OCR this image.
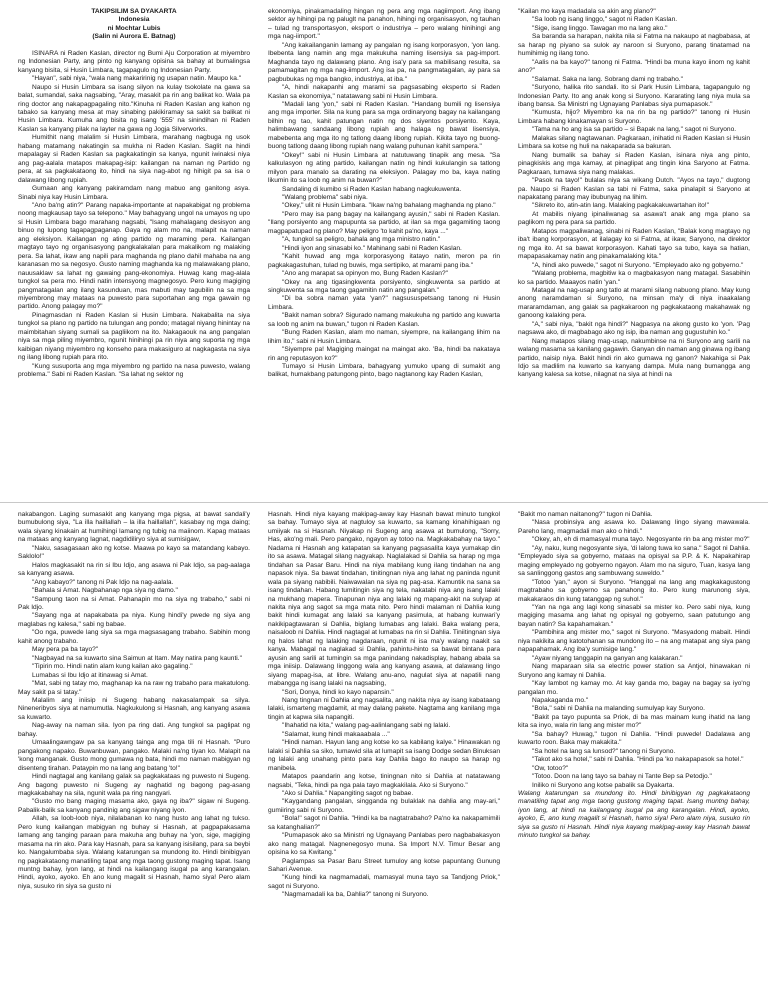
TAKIPSILIM SA DYAKARTA

Indonesia

ni Mochtar Lubis

(Salin ni Aurora E. Batnag)

ISINARA ni Raden Kaslan, director ng Bumi Aju Corporation at miyembro ng Indonesian Party, ang pinto ng kanyang opisina sa bahay at bumalingsa kanyang bisita, si Husin Limbara, tagapagulo ng Indonesian Party.

"Hayan", sabi niya, "wala nang makaririnig ng usapan natin. Maupo ka."

Naupo si Husin Limbara sa isang silyon na kulay tsokolate na gawa sa balat, sumandal, saka nagsabing, "Aray, masakit pa rin ang balikat ko. Wala pa ring doctor ang nakapagpagaling nito."Kinuha ni Raden Kaslan ang kahon ng tabako sa kanyang mesa at may sinabing pakikiramay sa sakit sa balikat ni Husin Limbara. Kumuha ang bisita ng isang '555' na sinindihan ni Raden Kaslan sa kanyang pilak na layter na gawa ng Jogja Silverworks.

Humithit nang malalim si Husin Limbara, marahang nagbuga ng usok habang matamang nakatingin sa mukha ni Raden Kaslan. Saglit na hindi mapalagay si Raden Kaslan sa pagkakatingin sa kanya, ngunit iwinaksi niya ang pag-aalala matapos makapag-isip: kailangan na naman ng Partido ng pera, at sa pagkakataong ito, hindi na siya nag-abot ng hihigit pa sa isa o dalawang libong rupiah.

Gumaan ang kanyang pakiramdam nang mabuo ang ganitong asya. Sinabi niya kay Husin Limbara.

"Ano ba'ng atin?" Parang napaka-importante at napakabigat ng problema noong magkausap tayo sa telepono." May bahagyang ungol na umayos ng upo si Husin Limbara bago marahang nagsabi, "Isang mahalagang desisyon ang binuo ng lupong tagapagpaganap. Gaya ng alam mo na, malapit na naman ang eleksiyon. Kailangan ng ating partido ng maraming pera. Kailangan magtayo tayo ng organisasyong pangkalakalan para makalikom ng malaking pera. Sa lahat, ikaw ang napili para maghanda ng plano dahil mahaba na ang karanasan mo sa negosyo. Gusto naming maghanda ka ng malawakang plano, nauusaklaw sa lahat ng gawaing pang-ekonomiya. Huwag kang mag-alala tungkol sa pera mo. Hindi natin intensyong magnegosyo. Pero kung magiging pangmatagalan ang ilang kasunduan, mas mabuti may tagubilin na sa mga miyembrong may mataas na puwesto para suportahan ang mga gawain ng partido. Anong palagay mo?"

Pinagmasdan ni Raden Kaslan si Husin Limbara. Nakabalita na siya tungkol sa plano ng partido na tulungan ang pondo; matagal niyang hinintay na maimbitahan siyang sumali sa pagliikom na ito. Nakagaouk na ang pangalan niya sa mga piling miyembro, ngunit hinihingi pa rin niya ang suporta ng mga kaibigan niyang miyembro ng konseho para makasiguro at nagkagasta na siya ng ilang libong rupiah para rito.

"Kung susuporta ang mga miyembro ng partido na nasa puwesto, walang problema." Sabi ni Raden Kaslan. "Sa lahat ng sektor ng

ekonomiya, pinakamadaling hingan ng pera ang mga nagiimport. Ang ibang sektor ay hihingi pa ng paluglt na panahon, hihingi ng organisasyon, ng tauhan – tulad ng transportasyon, eksport o industriya – pero walang hinihingi ang mga nag-iimport."

"Ang kakailanganin lamang ay pangalan ng isang korporasyon, 'yon lang. Ibebenta lang namin ang mga makukuha naming lisensiya sa pag-import. Maghanda tayo ng dalawang plano. Ang isa'y para sa mabilisang resulta, sa pamamagitan ng mga nag-iimport. Ang isa pa, na pangmatagalan, ay para sa pagbubukas ng mga bangko, industriya, at iba."

"A, hindi nakapanhi ang marami sa pagsasabing eksperto si Raden Kaslan sa ekonomiya," natatawang sabi ni Husin Limbara.

"Madali lang 'yon," sabi ni Raden Kaslan. "Handang bumili ng lisensiya ang mga importer. Sila na kung para sa mga ordinaryong bagay na kailangang bilhin ng tao, kahit patungan natin ng dos siyentos porsiyento. Kaya, halimbawang sandaang libong rupiah ang halaga ng bawat lisensiya, mabebenta ang mga ito ng tatlong daang libong rupiah. Kikita tayo ng buong-buong tatlong daang libong rupiah nang walang puhunan kahit sampera."

"Okey!" sabi ni Husin Limbara at natutuwang tinapik ang mesa. "Sa kalkulasyon ng ating partido, kailangan natin ng hindi kukulangin sa tatlong milyon para manalo sa darating na eleksiyon. Palagay mo ba, kaya nating likumin ito sa loob ng anim na buwan?"

Sandaling di kumibo si Raden Kaslan habang nagkukuwenta.

"Walang problema" sabi niya.

"Okey," ulit ni Husin Limbara. "Ikaw na'ng bahalang maghanda ng plano."

"Pero may isa pang bagay na kailangang ayusin," sabi ni Raden Kaslan. "Ilang porsiyento ang mapupunta sa partido, at ilan sa mga gagamiting taong magpapatupad ng plano? May peligro 'to kahit pa'no, kaya ..."

"A, tungkol sa peligro, bahala ang mga ministro natin."

"Hindi iyon ang sinasabi ko." Mahinang sabi ni Raden Kaslan.

"Kahit huwad ang mga korporasyong itatayo natin, meron pa rin pagkakagastuhan, tulad ng buwis, mga sertipiko, at marami pang iba."

"Ano ang marapat sa opinyon mo, Bung Raden Kaslan?"

"Okey na ang tigasingkwenta porsiyento, singkuwenta sa partido at singkuwenta sa mga taong gagamitin natin ang pangalan."

"Di ba sobra naman yata 'yan?" nagsususpetsang tanong ni Husin Limbara.

"Bakit naman sobra? Sigurado namang makukuha ng partido ang kuwarta sa loob ng anim na buwan," tugon ni Raden Kaslan.

"Bung Raden Kaslan, alam mo naman, siyempre, na kailangang lihim na lihim ito," sabi ni Husin Limbara.

"Siyempre pa! Magiging maingat na maingat ako. 'Ba, hindi ba nakataya rin ang reputasyon ko?"

Tumayo si Husin Limbara, bahagyang yumuko upang di sumakit ang balikat, humakbang patungong pinto, bago nagtanong kay Raden Kaslan,

"Kailan mo kaya madadala sa akin ang plano?"

"Sa loob ng isang linggo," sagot ni Raden Kaslan.

"Sige, isang linggo. Tawagan mo na lang ako."

Sa baranda sa harapan, nakita nila si Fatma na nakaupo at nagbabasa, at sa harap ng piyano sa sulok ay naroon si Suryono, parang tinatamad na humihimig ng ilang tono.

"Aalis na ba kayo?" tanong ni Fatma. "Hindi ba muna kayo iinom ng kahit ano?"

"Salamat. Saka na lang. Sobrang dami ng trabaho."

"Suryono, halika rito sandali. Ito si Park Husin Limbara, tagapangulo ng Indonesian Party. Ito ang anak kong si Suryono. Kararating lang niya mula sa ibang bansa. Sa Ministri ng Ugnayang Panlabas siya pumapasok."

"Kumusta, hijo? Miyembro ka na rin ba ng partido?" tanong ni Husin Limbara habang kinakamayan si Suryono.

"Tama na ho ang isa sa partido – si Bapak na lang," sagot ni Suryono.

Malakas silang nagtawanan. Pagkaraan, inihatid ni Raden Kaslan si Husin Limbara sa kotse ng huli na nakaparada sa bakuran.

Nang bumalik sa bahay si Raden Kaslan, isinara niya ang pinto, pinagkiskis ang mga kamay, at pinaglipat ang tingin kina Saryono at Fatma. Pagkaraan, tumawa siya nang malakas.

"Pasok na tayo!" bulalas niya sa wikang Dutch. "Ayos na tayo," dugtong pa. Naupo si Raden Kaslan sa tabi ni Fatma, saka pinalapit si Saryono at napakatang parang may ibubunyag na lihim.

"Sikreto ito, atin-atin lang. Malaking pagkakakuwartahan ito!"

At mabilis niyang ipinaliwanag sa asawa't anak ang mga plano sa paglikom ng pera para sa partido.

Matapos magpaliwanag, sinabi ni Raden Kaslan, "Balak kong magtayo ng iba't ibang korporasyon, at ilalagay ko si Fatma, at ikaw, Saryono, na direktor ng mga ito. At sa bawat korporasyon. Kahati tayo sa tubo, kaya sa hatian, mapapasakamay natin ang pinakamalaking kita."

"A, hindi ako puwede," sagot ni Suryono. "Empleyado ako ng gobyerno."

"Walang problema, magbitiw ka o magbakasyon nang matagal. Sasabihin ko sa partido. Maaayos natin 'yan."

Matagal na nag-usap ang tatlo at marami silang nabuong plano. May kung anong naramdaman si Suryono, na minsan ma'y di niya inaakalang mararamdaman, ang galak sa pagkakaroon ng pagkakataong makahawak ng ganoong kalaking pera.

"A," sabi niya, "bakit nga hindi?" Nagpasya na akong gusto ko 'yon. 'Pag nagsawa ako, di magbabago ako ng isip, iba naman ang gugustuhin ko."

Nang matapos silang mag-usap, nakumbinse na ni Suryono ang sarili na walang masama sa kanilang gagawin. Ganyan din naman ang ginawa ng ibang partido, naisip niya. Bakit hindi rin ako gumawa ng ganon? Nakahiga si Pak Idjo sa madilim na kuwarto sa kanyang dampa. Mula nang bumangga ang kanyang kalesa sa kotse, nilagnat na siya at hindi na

nakabangon. Laging sumasakit ang kanyang mga pigsa, at bawat sandali'y bumubulong siya, "La illa haillallah – la illa haillallah", kasabay ng mga daing; wala siyang kinakain at humihingi lamang ng tubig na maiinom. Kapag mataas na mataas ang kanyang lagnat, nagdidiliryo siya at sumisigaw,

"Naku, sasagasaan ako ng kotse. Maawa po kayo sa matandang kabayo. Saklolo!"

Halos magkasakit na rin si Ibu Idjo, ang asawa ni Pak Idjo, sa pag-aalaga sa kanyang asawa.

"Ang kabayo?" tanong ni Pak Idjo na nag-aalala.

"Bahala si Amat. Nagbahanap nga siya ng damo."

"Sampung taon na si Amat. Pahanapin mo na siya ng trabaho," sabi ni Pak Idjo.

"Sayang nga at napakabata pa niya. Kung hindi'y pwede ng siya ang maglabas ng kalesa," sabi ng babae.

"Oo nga, puwede lang siya sa mga magsasagang trabaho. Sabihin mong kahit anong trabaho.

May pera pa ba tayo?"

"Nagbayad na sa kuwarto sina Saimun at Itam. May natira pang kaunti."

"Tipirin mo. Hindi natin alam kung kailan ako gagaling."

Lumabas si Ibu Idjo at itinawag si Amat.

"Mat, sabi ng tatay mo, maghanap ka na raw ng trabaho para makatulong. May sakit pa si tatay."

Malalim ang iniisip ni Sugeng habang nakasalampak sa silya. Nineneribyos siya at namumutla. Nagkukulong si Hasnah, ang kanyang asawa sa kuwarto.

Nag-away na naman sila. Iyon pa ring dati. Ang tungkol sa paglipat ng bahay.

Umaalingawngaw pa sa kanyang tainga ang mga tili ni Hasnah. "Puro pangakong napako. Buwanbuwan, pangako. Malaki na'ng tiyan ko. Malapit na 'kong manganak. Gusto mong gumawa ng bata, hindi mo naman mabigyan ng disenteng tirahan. Pataypin mo na lang ang batang 'to!"

Hindi nagtagal ang kanilang galak sa pagkakataas ng puwesto ni Sugeng. Ang bagong puwesto ni Sugeng ay naghatid ng bagong pag-asang magkakabahay na sila, ngunit wala pa ring nangyari.

"Gusto mo bang maging masama ako, gaya ng iba?" sigaw ni Sugeng. Pabalik-balik sa kanyang pandinig ang sigaw niyang iyon.

Allah, sa loob-loob niya, nilalabanan ko nang husto ang lahat ng tukso. Pero kung kailangan mabigyan ng buhay si Hasnah, at pagpapakasama lamang ang tanging paraan para makuha ang buhay na 'yon, sige, magiging masama na rin ako. Para kay Hasnah, para sa kanyang isisilang, para sa beybi ko. Nangalumbaba siya. Walang katarungan sa mundong ito. Hindi binibigyan ng pagkakataong manatiling tapat ang mga taong gustong maging tapat. Isang muntng bahay, iyon lang, at hindi na kailangang isugal pa ang karangalan. Hindi, ayoko, ayoko. Eh ano kung magalit si Hasnah, hamo siya! Pero alam niya, susuko rin siya sa gusto ni

Hasnah. Hindi niya kayang makipag-away kay Hasnah bawat minuto tungkol sa bahay. Tumayo siya at nagtuloy sa kuwarto, sa kamang kinahihigaan ng umiiyak na si Hasnah. Niyakap ni Sugeng ang asawa at bumulong, "Sorry, Has, ako'ng mali. Pero pangako, ngayon ay totoo na. Magkakabahay na tayo." Nadama ni Hasnah ang katapatan sa kanyang pagsasalita kaya yumakap din ito sa asawa. Matagal silang nagyakap. Naglalakad si Dahlia sa harap ng mga tindahan sa Pasar Baru. Hindi na niya mabilang kung ilang tindahan na ang napasok niya. Sa bawat tindahan, tinitingnan niya ang lahat ng paninda ngunit wala pa siyang nabibili. Naiwawalan na siya ng pag-asa. Kamuntik na sana sa isang tindahan. Habang tumitingin siya ng tela, nakatabi niya ang isang lalaki na mukhang mapera. Tinapunan niya ang lalaki ng mapang-akit na sulyap at nakita niya ang sagot sa mga mata nito. Pero hindi malaman ni Dahlia kung bakit hindi kumagat ang lalaki sa kanyang pasimula, at habang kunwari'y nakikipagtawaran si Dahlia, biglang lumabas ang lalaki. Baka walang pera, naisaloob ni Dahlia. Hindi nagtagal at lumabas na rin si Dahlia. Tiniitingnan siya ng halos lahat ng lalaking nagdaraan, ngunit ni isa ma'y walang naakit sa kanya. Mabagal na naglakad si Dahlia, pahintu-hinto sa bawat bintana para ayusin ang sarili at tumingin sa mga panindang nakadisplay, habang abala sa mga iniisip. Dalawang linggong wala ang kanyang asawa, at dalawang lingo siyang mapag-isa, at libre. Walang anu-ano, nagulat siya at napatili nang mabangga ng isang lalaki na nagsabing,

"Sori, Donya, hindi ko kayo napansin."

Nang tingnan ni Dahlia ang nagsalita, ang nakita niya ay isang kabataang lalaki, ismarteng magdamit, at may dalang pakete. Nagtama ang kanilang mga tingin at kapwa sila napangiti.

"Ihahatid na kita," walang pag-aalinlangang sabi ng lalaki.

"Salamat, kung hindi makaaabala ..."

"Hindi naman. Hayun lang ang kotse ko sa kabilang kalye." Hinawakan ng lalaki si Dahlia sa siko, tumawid sila at lumapit sa isang Dodge sedan Binuksan ng lalaki ang unahang pinto para kay Dahlia bago ito naupo sa harap ng manibela.

Matapos paandarin ang kotse, tiningnan nito si Dahlia at natatawang nagsabi, "Teka, hindi pa nga pala tayo magkakilala. Ako si Suryono."

"Ako si Dahlia." Napangiting sagot ng babae.

"Kaygandang pangalan, singganda ng bulaklak na dahlia ang may-ari," gumiiring sabi ni Suryono.

"Bola!" sagot ni Dahlia. "Hindi ka ba nagtatrabaho? Pa'no ka nakapamimili sa katanghalian?"

"Pumapasok ako sa Ministri ng Ugnayang Panlabas pero nagbabakasyon ako nang matagal. Nagnenegosyo muna. Sa Import N.V. Timur Besar ang opisina ko sa Kwitang."

Paglampas sa Pasar Baru Street tumuloy ang kotse papuntang Gunung Sahari Avenue.

"Kung hindi ka nagmamadali, mamasyal muna tayo sa Tandjong Priok," sagot ni Suryono.

"Nagmamadali ka ba, Dahlia?" tanong ni Suryono.

"Bakit mo naman naitanong?" tugon ni Dahlia.

"Nasa probinsiya ang asawa ko. Dalawang lingo siyang mawawala. Pareho lang, magmadali man ako o hindi."

"Okey, ah, eh di mamasyal muna tayo. Negosyante rin ba ang mister mo?"

"Ay, naku, kung negosyante siya, 'di lalong tuwa ko sana." Sagot ni Dahlia. "Empleyado siya sa gobyerno, mataas na opisyal sa P.P. & K. Napakahirap maging empleyado ng gobyerno ngayon. Alam mo na siguro, Tuan, kasya lang sa sanlinggong gastos ang sambuwang suweldo."

"Totoo 'yan," ayon si Suryono. "Hanggal na lang ang magkakagustong magtrabaho sa gobyerno sa panahong ito. Pero kung marunong siya, makakaraos din kung tatanggap ng suhol."

"Yan na nga ang lagi kong sinasabi sa mister ko. Pero sabi niya, kung magiging masama ang lahat ng opisyal ng gobyerno, saan patutungo ang bayan natin? Sa kapahamakan."

"Pambihira ang mister mo," sagot ni Suryono. "Masyadong mabait. Hindi niya nakikita ang katotohanan sa mundong ito – na ang matapat ang siya pang napapahamak. Ang iba'y sumisige lang."

"Ayaw niyang tanggapin na ganyan ang kalakaran."

Nang maparaan sila sa electric power station sa Antjol, hinawakan ni Suryono ang kamay ni Dahlia.

"Kay lambot ng kamay mo. At kay ganda mo, bagay na bagay sa iyo'ng pangalan mo.

Napakaganda mo."

"Bola," sabi ni Dahlia na malanding sumulyap kay Suryono.

"Bakit pa tayo pupunta sa Priok, di ba mas mainam kung ihatid na lang kita sa inyo, wala rin lang ang mister mo?"

"Sa bahay? Huwag," tugon ni Dahlia. "Hindi puwede! Dadalawa ang kuwarto roon. Baka may makakita."

"Sa hotel na lang sa lunsod?" tanong ni Suryono.

"Takot ako sa hotel," sabi ni Dahlia. "Hindi pa 'ko nakapapasok sa hotel."

"Ow, totoo?"

"Totoo. Doon na lang tayo sa bahay ni Tante Bep sa Petodjo."

Iniliko ni Suryono ang kotse pabalik sa Dyakarta.

Walang katarungan sa mundong ito. Hindi binibigyan ng pagkakataong manatiling tapat ang mga taong gustong maging tapat. Isang muntng bahay, iyon lang, at hindi na kailangang isugal pa ang karangalan. Hindi, ayoko, ayoko, E, ano kung magalit si Hasnah, hamo siya! Pero alam niya, susuko rin siya sa gusto ni Hasnah. Hindi niya kayang makipag-away kay Hasnah bawat minuto tungkol sa bahay.
